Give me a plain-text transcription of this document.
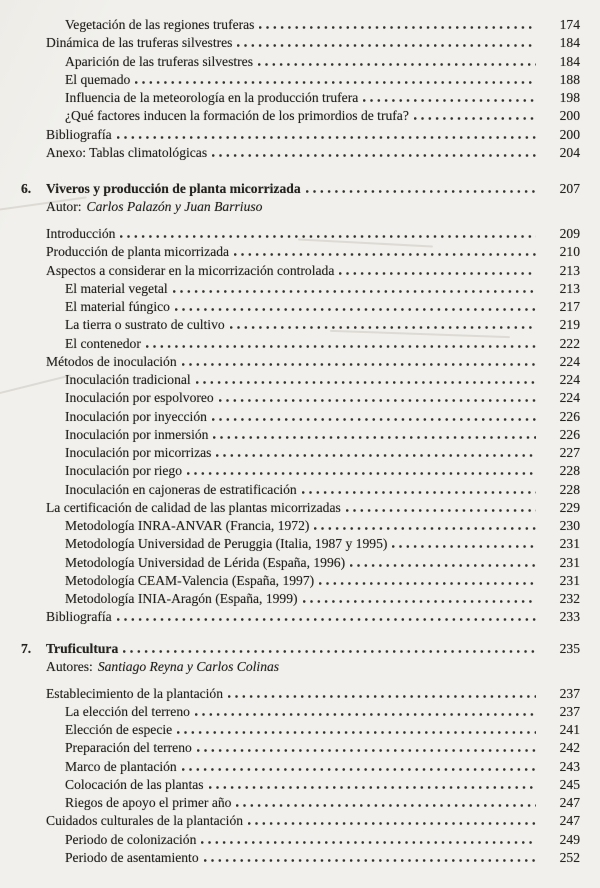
Vegetación de las regiones truferas	174
Dinámica de las truferas silvestres	184
Aparición de las truferas silvestres	184
El quemado	188
Influencia de la meteorología en la producción trufera	198
¿Qué factores inducen la formación de los primordios de trufa?	200
Bibliografía	200
Anexo: Tablas climatológicas	204
6.	Viveros y producción de planta micorrizada	207
Autor: Carlos Palazón y Juan Barriuso
Introducción	209
Producción de planta micorrizada	210
Aspectos a considerar en la micorrización controlada	213
El material vegetal	213
El material fúngico	217
La tierra o sustrato de cultivo	219
El contenedor	222
Métodos de inoculación	224
Inoculación tradicional	224
Inoculación por espolvoreo	224
Inoculación por inyección	226
Inoculación por inmersión	226
Inoculación por micorrizas	227
Inoculación por riego	228
Inoculación en cajoneras de estratificación	228
La certificación de calidad de las plantas micorrizadas	229
Metodología INRA-ANVAR (Francia, 1972)	230
Metodología Universidad de Peruggia (Italia, 1987 y 1995)	231
Metodología Universidad de Lérida (España, 1996)	231
Metodología CEAM-Valencia (España, 1997)	231
Metodología INIA-Aragón (España, 1999)	232
Bibliografía	233
7.	Truficultura	235
Autores: Santiago Reyna y Carlos Colinas
Establecimiento de la plantación	237
La elección del terreno	237
Elección de especie	241
Preparación del terreno	242
Marco de plantación	243
Colocación de las plantas	245
Riegos de apoyo el primer año	247
Cuidados culturales de la plantación	247
Periodo de colonización	249
Periodo de asentamiento	252
